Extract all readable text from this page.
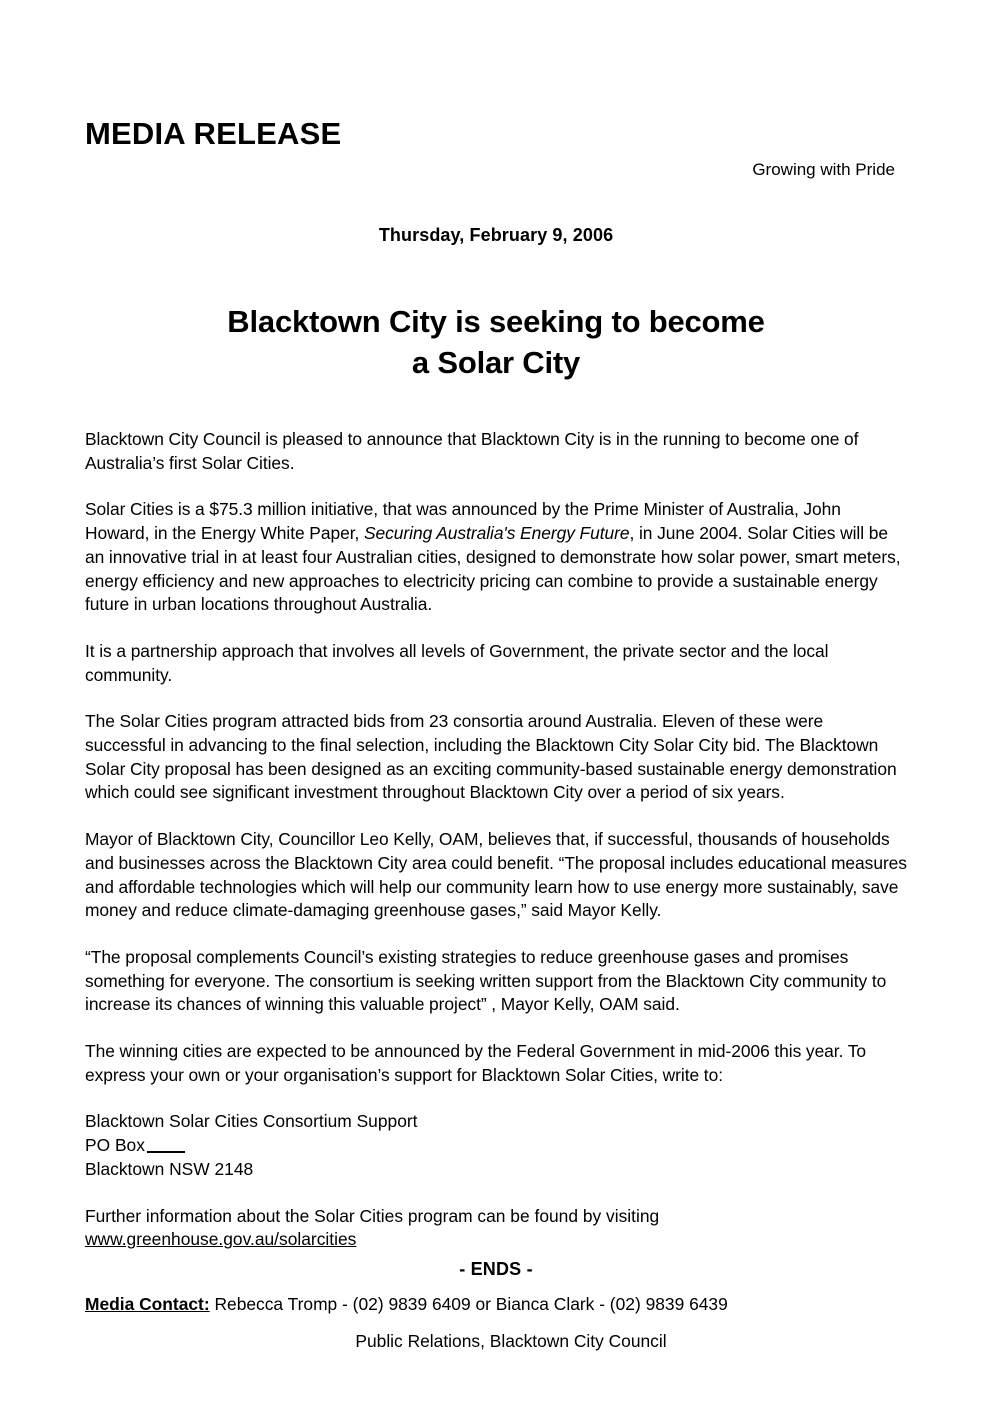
MEDIA RELEASE
Growing with Pride
Thursday, February 9, 2006
Blacktown City is seeking to become
a Solar City

Blacktown City Council is pleased to announce that Blacktown City is in the running to become one of Australia’s first Solar Cities.

Solar Cities is a $75.3 million initiative, that was announced by the Prime Minister of Australia, John Howard, in the Energy White Paper, Securing Australia's Energy Future, in June 2004. Solar Cities will be an innovative trial in at least four Australian cities, designed to demonstrate how solar power, smart meters, energy efficiency and new approaches to electricity pricing can combine to provide a sustainable energy future in urban locations throughout Australia.

It is a partnership approach that involves all levels of Government, the private sector and the local community.

The Solar Cities program attracted bids from 23 consortia around Australia. Eleven of these were successful in advancing to the final selection, including the Blacktown City Solar City bid. The Blacktown Solar City proposal has been designed as an exciting community-based sustainable energy demonstration which could see significant investment throughout Blacktown City over a period of six years.

Mayor of Blacktown City, Councillor Leo Kelly, OAM, believes that, if successful, thousands of households and businesses across the Blacktown City area could benefit. “The proposal includes educational measures and affordable technologies which will help our community learn how to use energy more sustainably, save money and reduce climate-damaging greenhouse gases,” said Mayor Kelly.

“The proposal complements Council’s existing strategies to reduce greenhouse gases and promises something for everyone. The consortium is seeking written support from the Blacktown City community to increase its chances of winning this valuable project” , Mayor Kelly, OAM said.

The winning cities are expected to be announced by the Federal Government in mid-2006 this year. To express your own or your organisation’s support for Blacktown Solar Cities, write to:

Blacktown Solar Cities Consortium Support
PO Box
Blacktown NSW 2148

Further information about the Solar Cities program can be found by visiting
www.greenhouse.gov.au/solarcities

- ENDS -
Media Contact: Rebecca Tromp - (02) 9839 6409 or Bianca Clark - (02) 9839 6439
Public Relations, Blacktown City Council
